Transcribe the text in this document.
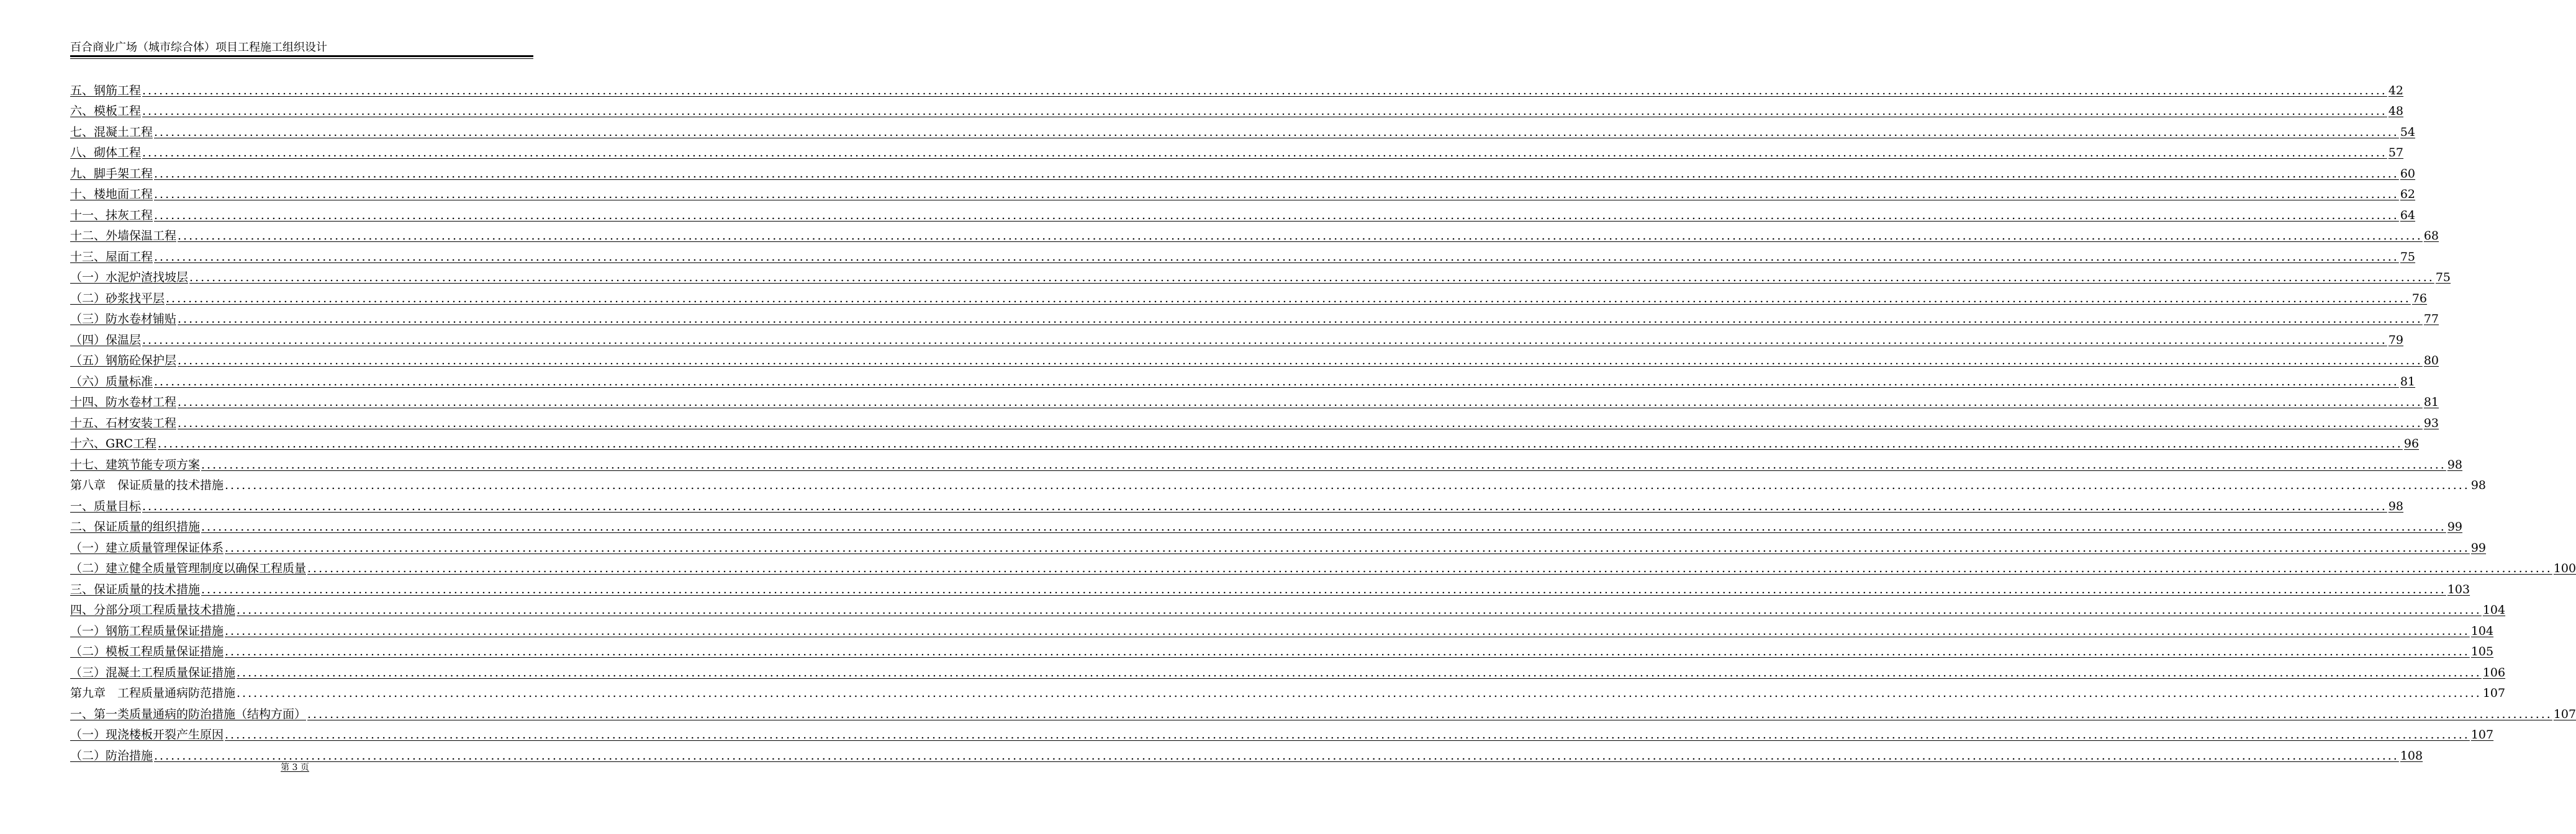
百合商业广场（城市综合体）项目工程施工组织设计
五、钢筋工程 ................................................................................................................................................................................................................................................................................................................................................................................................................ 42
六、模板工程 ................................................................................................................................................................................................................................................................................................................................................................................................................ 48
七、混凝土工程 ................................................................................................................................................................................................................................................................................................................................................................................................................ 54
八、砌体工程 ................................................................................................................................................................................................................................................................................................................................................................................................................ 57
九、脚手架工程 ................................................................................................................................................................................................................................................................................................................................................................................................................ 60
十、楼地面工程 ................................................................................................................................................................................................................................................................................................................................................................................................................ 62
十一、抹灰工程 ................................................................................................................................................................................................................................................................................................................................................................................................................ 64
十二、外墙保温工程 ................................................................................................................................................................................................................................................................................................................................................................................................................ 68
十三、屋面工程 ................................................................................................................................................................................................................................................................................................................................................................................................................ 75
（一）水泥炉渣找坡层 ................................................................................................................................................................................................................................................................................................................................................................................................................ 75
（二）砂浆找平层 ................................................................................................................................................................................................................................................................................................................................................................................................................ 76
（三）防水卷材铺贴 ................................................................................................................................................................................................................................................................................................................................................................................................................ 77
（四）保温层 ................................................................................................................................................................................................................................................................................................................................................................................................................ 79
（五）钢筋砼保护层 ................................................................................................................................................................................................................................................................................................................................................................................................................ 80
（六）质量标准 ................................................................................................................................................................................................................................................................................................................................................................................................................ 81
十四、防水卷材工程 ................................................................................................................................................................................................................................................................................................................................................................................................................ 81
十五、石材安装工程 ................................................................................................................................................................................................................................................................................................................................................................................................................ 93
十六、GRC工程 ................................................................................................................................................................................................................................................................................................................................................................................................................ 96
十七、建筑节能专项方案 ................................................................................................................................................................................................................................................................................................................................................................................................................ 98
第八章　保证质量的技术措施 ................................................................................................................................................................................................................................................................................................................................................................................................................ 98
一、质量目标 ................................................................................................................................................................................................................................................................................................................................................................................................................ 98
二、保证质量的组织措施 ................................................................................................................................................................................................................................................................................................................................................................................................................ 99
（一）建立质量管理保证体系 ................................................................................................................................................................................................................................................................................................................................................................................................................ 99
（二）建立健全质量管理制度以确保工程质量 ................................................................................................................................................................................................................................................................................................................................................................................................................ 100
三、保证质量的技术措施 ................................................................................................................................................................................................................................................................................................................................................................................................................ 103
四、分部分项工程质量技术措施 ................................................................................................................................................................................................................................................................................................................................................................................................................ 104
（一）钢筋工程质量保证措施 ................................................................................................................................................................................................................................................................................................................................................................................................................ 104
（二）模板工程质量保证措施 ................................................................................................................................................................................................................................................................................................................................................................................................................ 105
（三）混凝土工程质量保证措施 ................................................................................................................................................................................................................................................................................................................................................................................................................ 106
第九章　工程质量通病防范措施 ................................................................................................................................................................................................................................................................................................................................................................................................................ 107
一、第一类质量通病的防治措施（结构方面） ................................................................................................................................................................................................................................................................................................................................................................................................................ 107
（一）现浇楼板开裂产生原因 ................................................................................................................................................................................................................................................................................................................................................................................................................ 107
（二）防治措施 ................................................................................................................................................................................................................................................................................................................................................................................................................ 108
第 3 页
